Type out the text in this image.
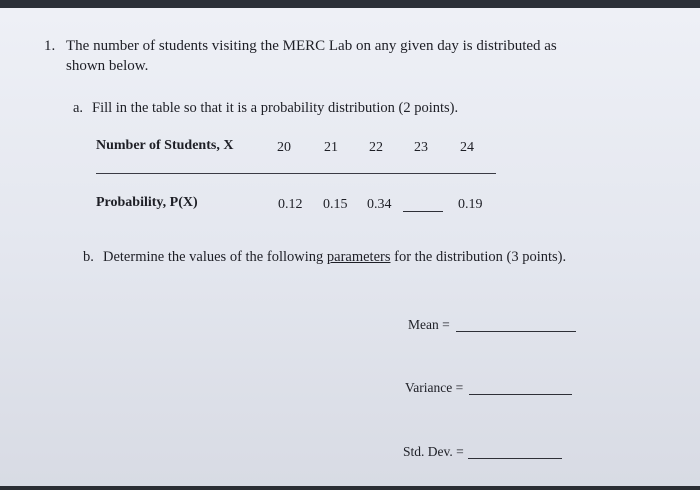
1. The number of students visiting the MERC Lab on any given day is distributed as
shown below.
a. Fill in the table so that it is a probability distribution (2 points).
Number of Students, X	20 21 22 23 24
Probability, P(X)	0.12 0.15 0.34	0.19
b. Determine the values of the following parameters for the distribution (3 points).
Mean =
Variance =
Std. Dev. =
